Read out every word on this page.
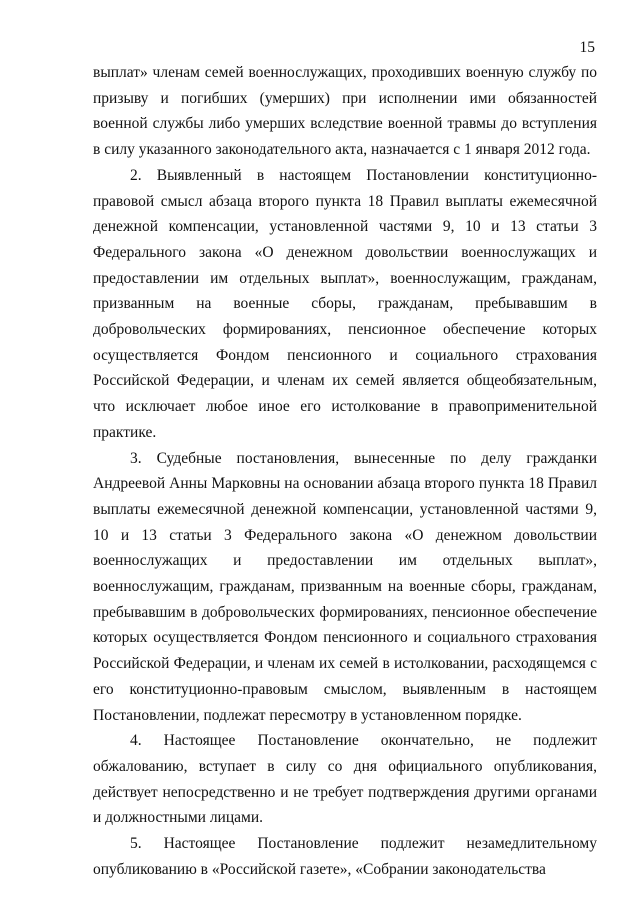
15

выплат» членам семей военнослужащих, проходивших военную службу по призыву и погибших (умерших) при исполнении ими обязанностей военной службы либо умерших вследствие военной травмы до вступления в силу указанного законодательного акта, назначается с 1 января 2012 года.

2. Выявленный в настоящем Постановлении конституционно-правовой смысл абзаца второго пункта 18 Правил выплаты ежемесячной денежной компенсации, установленной частями 9, 10 и 13 статьи 3 Федерального закона «О денежном довольствии военнослужащих и предоставлении им отдельных выплат», военнослужащим, гражданам, призванным на военные сборы, гражданам, пребывавшим в добровольческих формированиях, пенсионное обеспечение которых осуществляется Фондом пенсионного и социального страхования Российской Федерации, и членам их семей является общеобязательным, что исключает любое иное его истолкование в правоприменительной практике.

3. Судебные постановления, вынесенные по делу гражданки Андреевой Анны Марковны на основании абзаца второго пункта 18 Правил выплаты ежемесячной денежной компенсации, установленной частями 9, 10 и 13 статьи 3 Федерального закона «О денежном довольствии военнослужащих и предоставлении им отдельных выплат», военнослужащим, гражданам, призванным на военные сборы, гражданам, пребывавшим в добровольческих формированиях, пенсионное обеспечение которых осуществляется Фондом пенсионного и социального страхования Российской Федерации, и членам их семей в истолковании, расходящемся с его конституционно-правовым смыслом, выявленным в настоящем Постановлении, подлежат пересмотру в установленном порядке.

4. Настоящее Постановление окончательно, не подлежит обжалованию, вступает в силу со дня официального опубликования, действует непосредственно и не требует подтверждения другими органами и должностными лицами.

5. Настоящее Постановление подлежит незамедлительному опубликованию в «Российской газете», «Собрании законодательства
